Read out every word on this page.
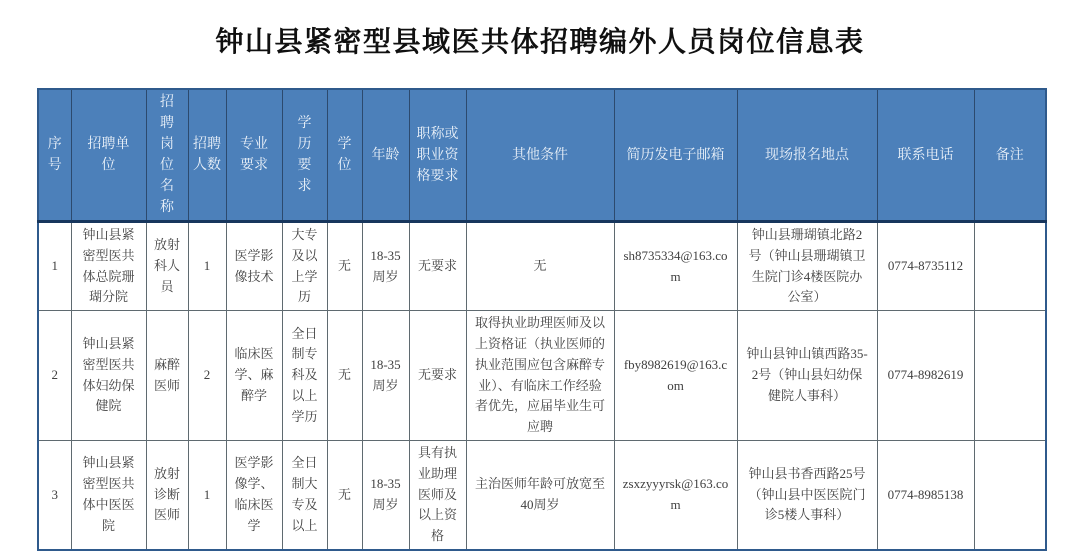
钟山县紧密型县域医共体招聘编外人员岗位信息表
序号	招聘单位	招聘岗位名称	招聘人数	专业要求	学历要求	学位	年龄	职称或职业资格要求	其他条件	简历发电子邮箱	现场报名地点	联系电话	备注
1	钟山县紧密型医共体总院珊瑚分院	放射科人员	1	医学影像技术	大专及以上学历	无	18-35周岁	无要求	无	sh8735334@163.com	钟山县珊瑚镇北路2号（钟山县珊瑚镇卫生院门诊4楼医院办公室）	0774-8735112	
2	钟山县紧密型医共体妇幼保健院	麻醉医师	2	临床医学、麻醉学	全日制专科及以上学历	无	18-35周岁	无要求	取得执业助理医师及以上资格证（执业医师的执业范围应包含麻醉专业）、有临床工作经验者优先，应届毕业生可应聘	fby8982619@163.com	钟山县钟山镇西路35-2号（钟山县妇幼保健院人事科）	0774-8982619	
3	钟山县紧密型医共体中医医院	放射诊断医师	1	医学影像学、临床医学	全日制大专及以上	无	18-35周岁	具有执业助理医师及以上资格	主治医师年龄可放宽至40周岁	zsxzyyyrsk@163.com	钟山县书香西路25号（钟山县中医医院门诊5楼人事科）	0774-8985138	
